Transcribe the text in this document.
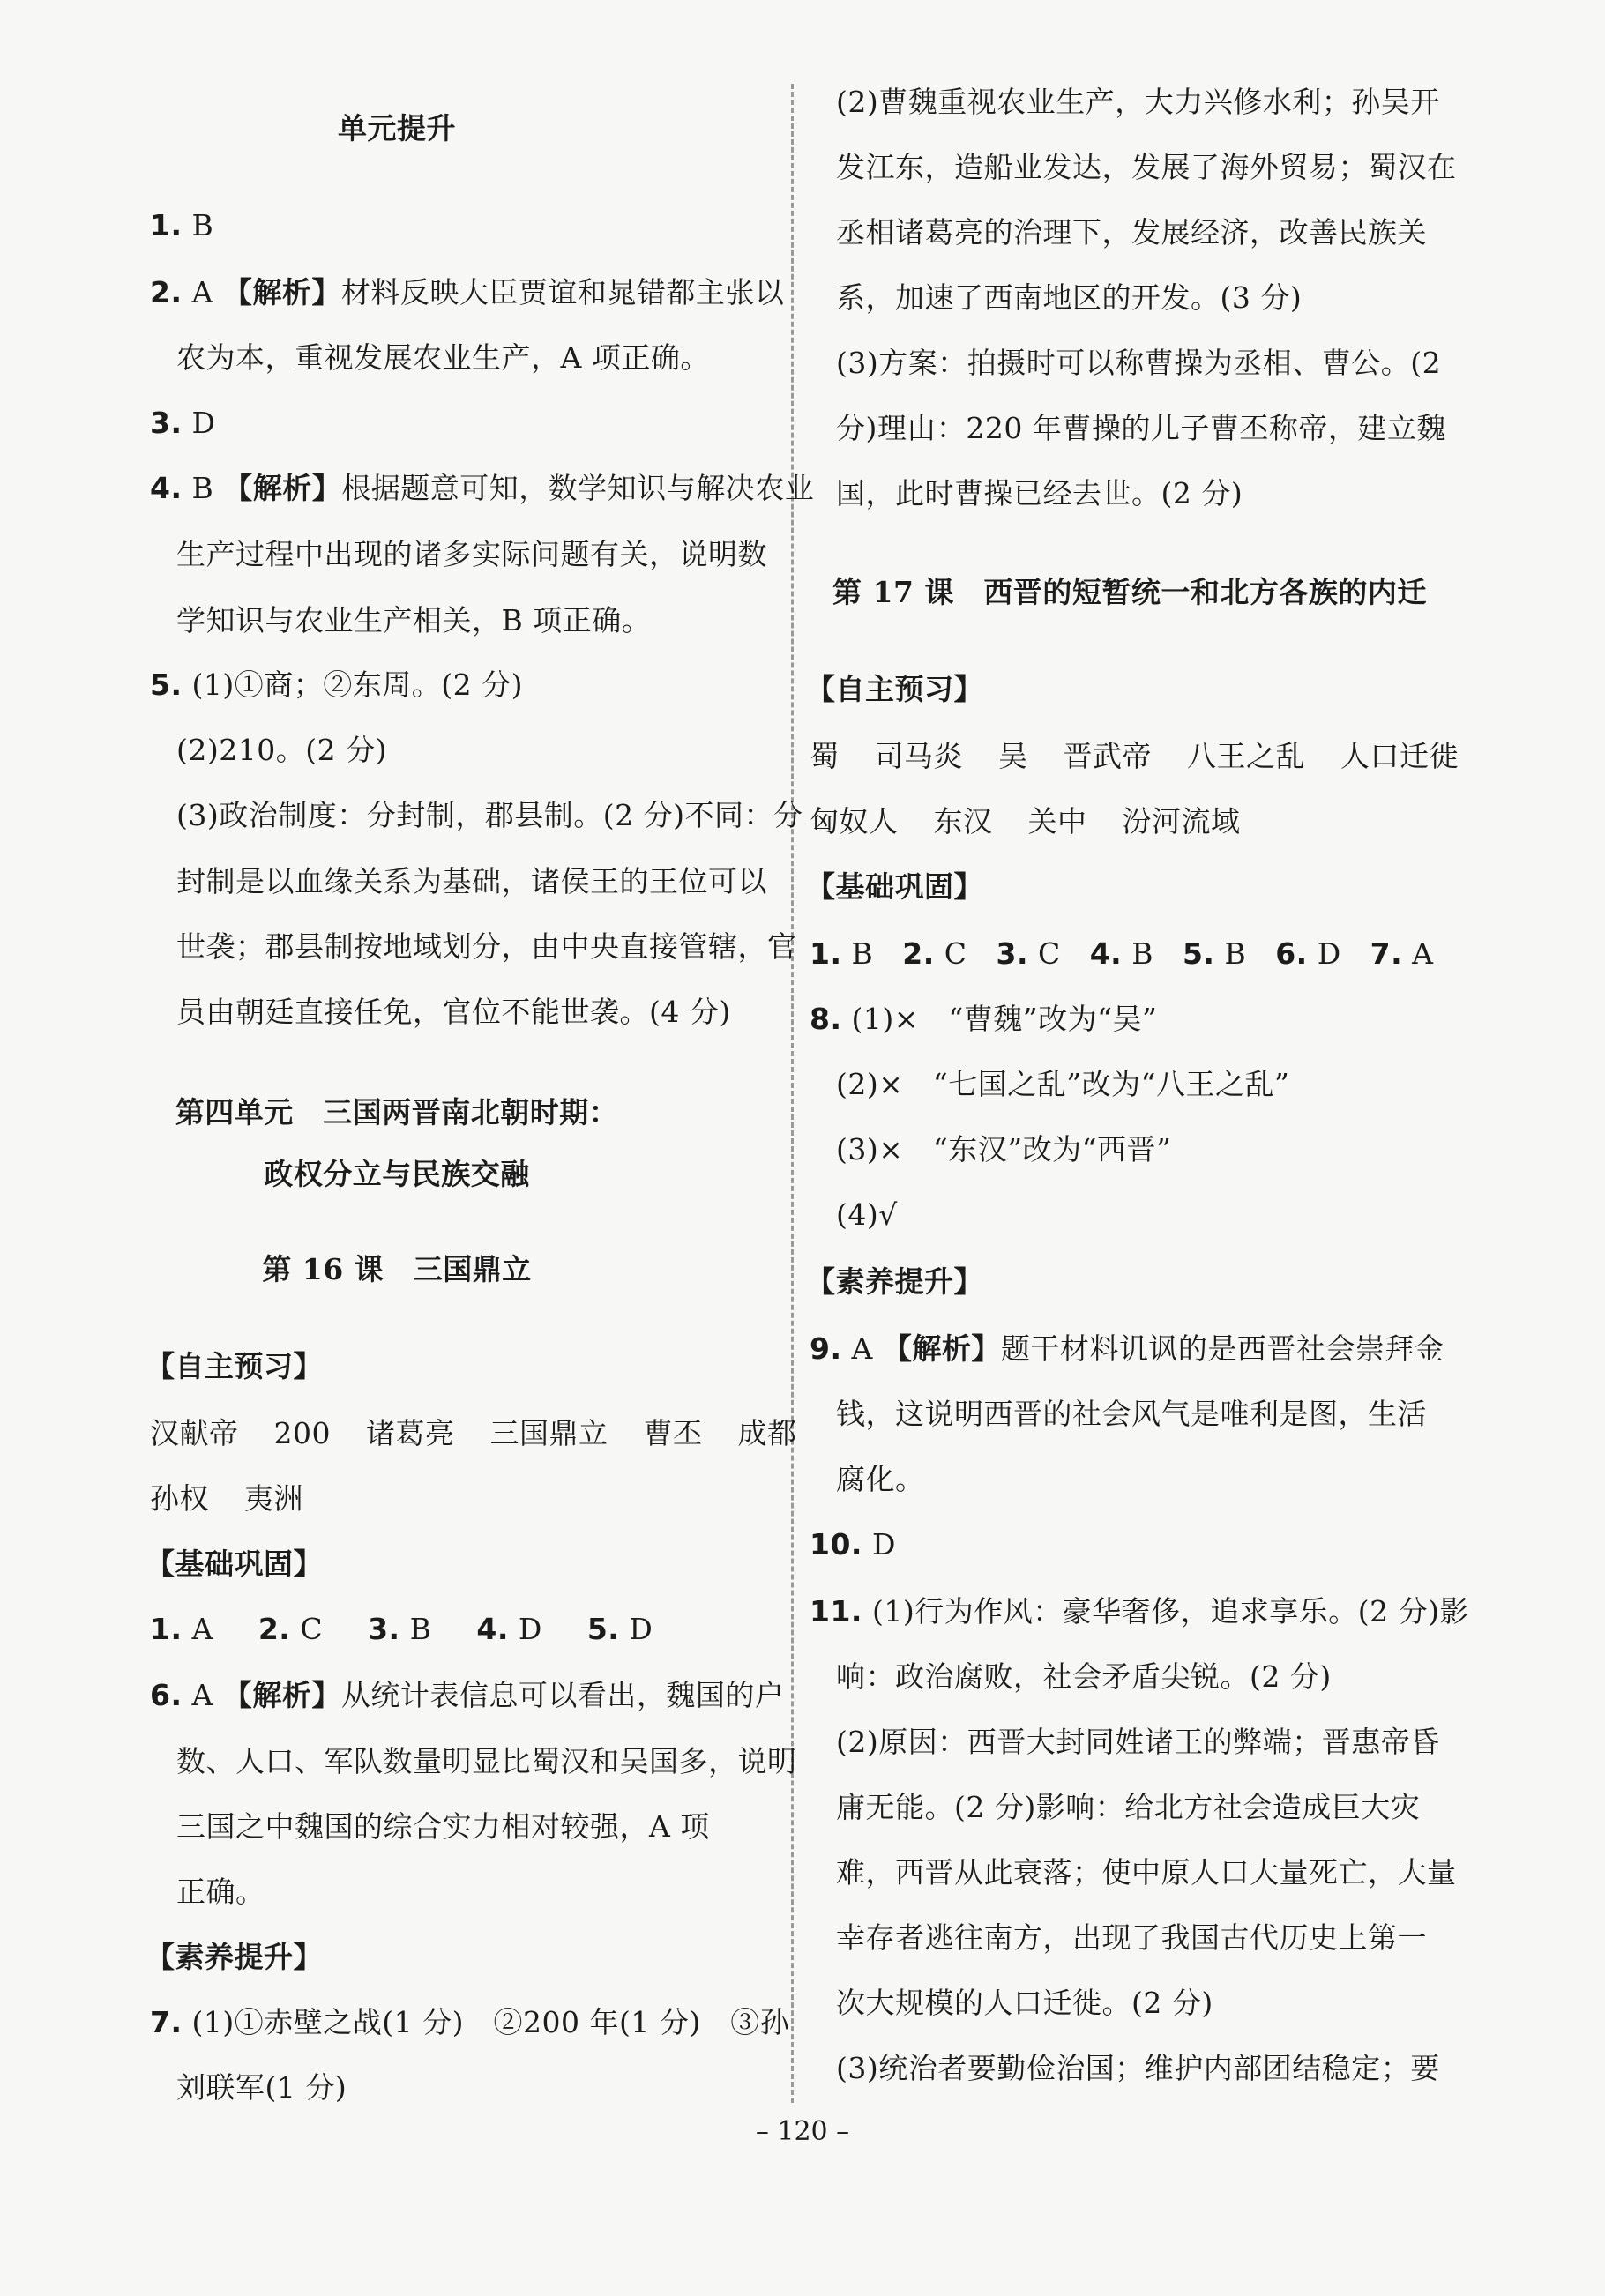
单元提升
1. B
2. A 【解析】材料反映大臣贾谊和晁错都主张以
农为本，重视发展农业生产，A 项正确。
3. D
4. B 【解析】根据题意可知，数学知识与解决农业
生产过程中出现的诸多实际问题有关，说明数
学知识与农业生产相关，B 项正确。
5. (1)①商；②东周。(2 分)
(2)210。(2 分)
(3)政治制度：分封制，郡县制。(2 分)不同：分
封制是以血缘关系为基础，诸侯王的王位可以
世袭；郡县制按地域划分，由中央直接管辖，官
员由朝廷直接任免，官位不能世袭。(4 分)
第四单元　三国两晋南北朝时期：
政权分立与民族交融
第 16 课　三国鼎立
【自主预习】
汉献帝 200 诸葛亮 三国鼎立 曹丕 成都
孙权 夷洲
【基础巩固】
1. A 2. C 3. B 4. D 5. D
6. A 【解析】从统计表信息可以看出，魏国的户
数、人口、军队数量明显比蜀汉和吴国多，说明
三国之中魏国的综合实力相对较强，A 项
正确。
【素养提升】
7. (1)①赤壁之战(1 分)　②200 年(1 分)　③孙
刘联军(1 分)
(2)曹魏重视农业生产，大力兴修水利；孙吴开
发江东，造船业发达，发展了海外贸易；蜀汉在
丞相诸葛亮的治理下，发展经济，改善民族关
系，加速了西南地区的开发。(3 分)
(3)方案：拍摄时可以称曹操为丞相、曹公。(2
分)理由：220 年曹操的儿子曹丕称帝，建立魏
国，此时曹操已经去世。(2 分)
第 17 课　西晋的短暂统一和北方各族的内迁
【自主预习】
蜀 司马炎 吴 晋武帝 八王之乱 人口迁徙
匈奴人 东汉 关中 汾河流域
【基础巩固】
1. B 2. C 3. C 4. B 5. B 6. D 7. A
8. (1)×　“曹魏”改为“吴”
(2)×　“七国之乱”改为“八王之乱”
(3)×　“东汉”改为“西晋”
(4)√
【素养提升】
9. A 【解析】题干材料讥讽的是西晋社会崇拜金
钱，这说明西晋的社会风气是唯利是图，生活
腐化。
10. D
11. (1)行为作风：豪华奢侈，追求享乐。(2 分)影
响：政治腐败，社会矛盾尖锐。(2 分)
(2)原因：西晋大封同姓诸王的弊端；晋惠帝昏
庸无能。(2 分)影响：给北方社会造成巨大灾
难，西晋从此衰落；使中原人口大量死亡，大量
幸存者逃往南方，出现了我国古代历史上第一
次大规模的人口迁徙。(2 分)
(3)统治者要勤俭治国；维护内部团结稳定；要
– 120 –
